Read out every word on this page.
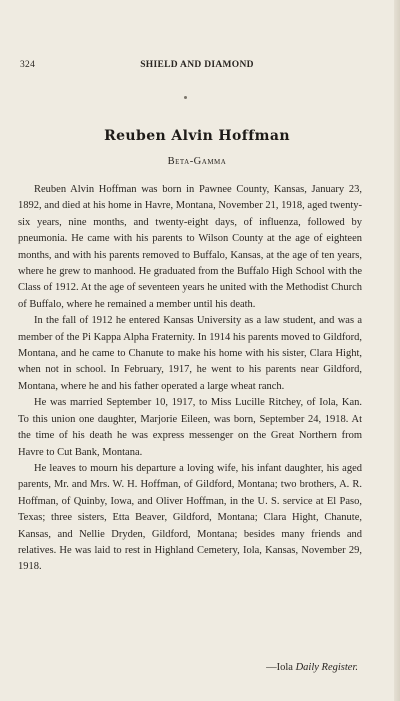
324	SHIELD AND DIAMOND
Reuben Alvin Hoffman
Beta-Gamma

Reuben Alvin Hoffman was born in Pawnee County, Kansas, January 23, 1892, and died at his home in Havre, Montana, November 21, 1918, aged twenty-six years, nine months, and twenty-eight days, of influenza, followed by pneumonia. He came with his parents to Wilson County at the age of eighteen months, and with his parents removed to Buffalo, Kansas, at the age of ten years, where he grew to manhood. He graduated from the Buffalo High School with the Class of 1912. At the age of seventeen years he united with the Methodist Church of Buffalo, where he remained a member until his death.

In the fall of 1912 he entered Kansas University as a law student, and was a member of the Pi Kappa Alpha Fraternity. In 1914 his parents moved to Gildford, Montana, and he came to Chanute to make his home with his sister, Clara Hight, when not in school. In February, 1917, he went to his parents near Gildford, Montana, where he and his father operated a large wheat ranch.

He was married September 10, 1917, to Miss Lucille Ritchey, of Iola, Kan. To this union one daughter, Marjorie Eileen, was born, September 24, 1918. At the time of his death he was express messenger on the Great Northern from Havre to Cut Bank, Montana.

He leaves to mourn his departure a loving wife, his infant daughter, his aged parents, Mr. and Mrs. W. H. Hoffman, of Gildford, Montana; two brothers, A. R. Hoffman, of Quinby, Iowa, and Oliver Hoffman, in the U. S. service at El Paso, Texas; three sisters, Etta Beaver, Gildford, Montana; Clara Hight, Chanute, Kansas, and Nellie Dryden, Gildford, Montana; besides many friends and relatives. He was laid to rest in Highland Cemetery, Iola, Kansas, November 29, 1918.

—Iola Daily Register.
